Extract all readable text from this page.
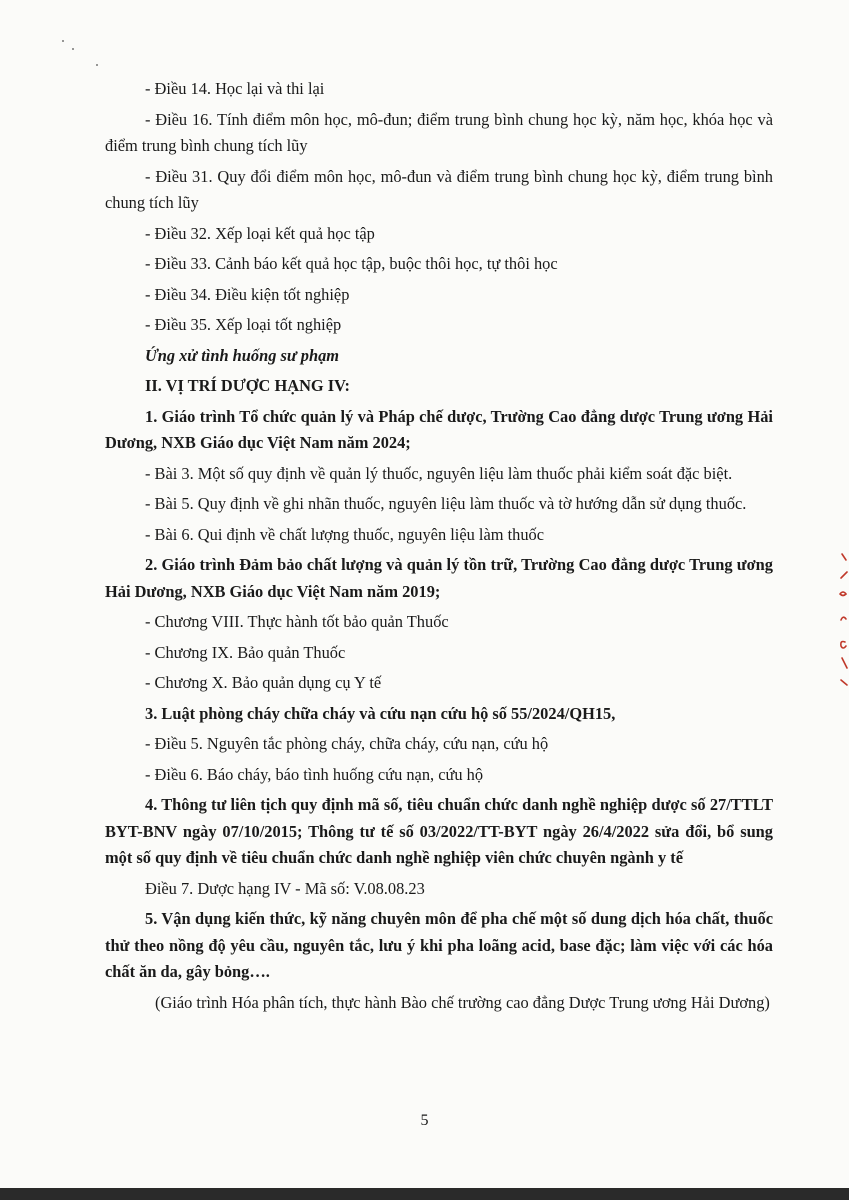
- Điều 14. Học lại và thi lại

- Điều 16. Tính điểm môn học, mô-đun; điểm trung bình chung học kỳ, năm học, khóa học và điểm trung bình chung tích lũy

- Điều 31. Quy đổi điểm môn học, mô-đun và điểm trung bình chung học kỳ, điểm trung bình chung tích lũy

- Điều 32. Xếp loại kết quả học tập

- Điều 33. Cảnh báo kết quả học tập, buộc thôi học, tự thôi học

- Điều 34. Điều kiện tốt nghiệp

- Điều 35. Xếp loại tốt nghiệp

Ứng xử tình huống sư phạm

II. VỊ TRÍ DƯỢC HẠNG IV:

1. Giáo trình Tổ chức quản lý và Pháp chế dược, Trường Cao đẳng dược Trung ương Hải Dương, NXB Giáo dục Việt Nam năm 2024;

- Bài 3. Một số quy định về quản lý thuốc, nguyên liệu làm thuốc phải kiểm soát đặc biệt.

- Bài 5. Quy định về ghi nhãn thuốc, nguyên liệu làm thuốc và tờ hướng dẫn sử dụng thuốc.

- Bài 6. Qui định về chất lượng thuốc, nguyên liệu làm thuốc

2. Giáo trình Đảm bảo chất lượng và quản lý tồn trữ, Trường Cao đẳng dược Trung ương Hải Dương, NXB Giáo dục Việt Nam năm 2019;

- Chương VIII. Thực hành tốt bảo quản Thuốc

- Chương IX. Bảo quản Thuốc

- Chương X. Bảo quản dụng cụ Y tế

3. Luật phòng cháy chữa cháy và cứu nạn cứu hộ số 55/2024/QH15,

- Điều 5. Nguyên tắc phòng cháy, chữa cháy, cứu nạn, cứu hộ

- Điều 6. Báo cháy, báo tình huống cứu nạn, cứu hộ

4. Thông tư liên tịch quy định mã số, tiêu chuẩn chức danh nghề nghiệp dược số 27/TTLT BYT-BNV ngày 07/10/2015; Thông tư tế số 03/2022/TT-BYT ngày 26/4/2022 sửa đổi, bổ sung một số quy định về tiêu chuẩn chức danh nghề nghiệp viên chức chuyên ngành y tế

Điều 7. Dược hạng IV - Mã số: V.08.08.23

5. Vận dụng kiến thức, kỹ năng chuyên môn để pha chế một số dung dịch hóa chất, thuốc thử theo nồng độ yêu cầu, nguyên tắc, lưu ý khi pha loãng acid, base đặc; làm việc với các hóa chất ăn da, gây bỏng….

(Giáo trình Hóa phân tích, thực hành Bào chế trường cao đẳng Dược Trung ương Hải Dương)

5
